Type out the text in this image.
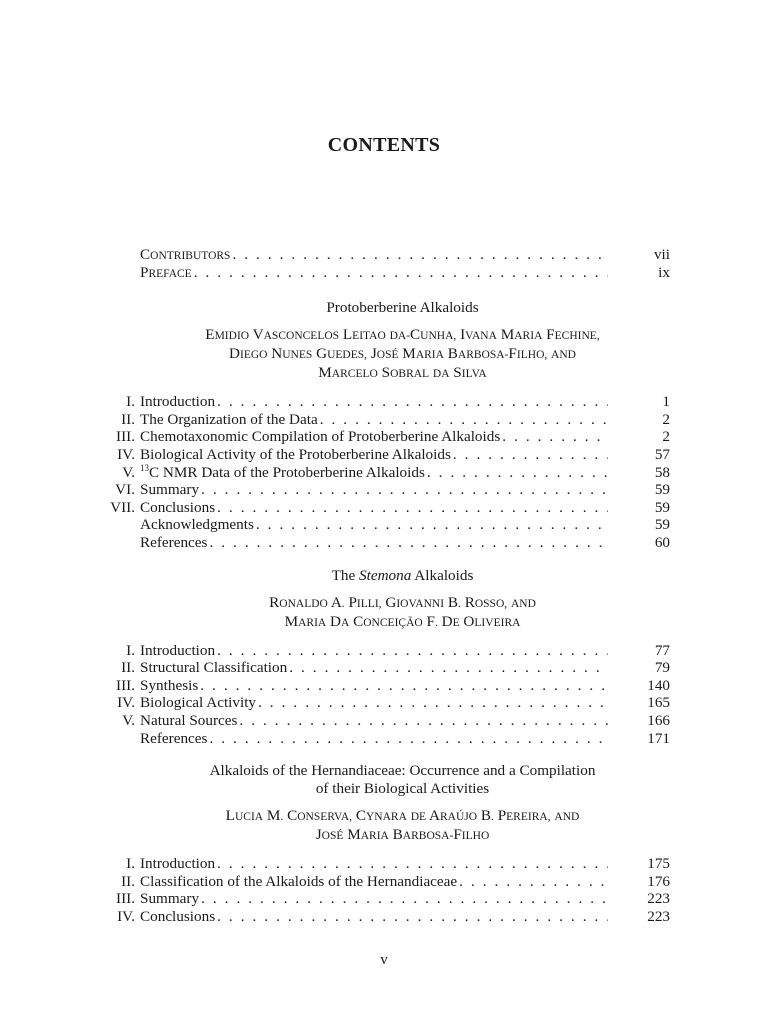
CONTENTS
CONTRIBUTORS . . .	vii
PREFACE . . .	ix
Protoberberine Alkaloids
EMIDIO VASCONCELOS LEITAO DA-CUNHA, IVANA MARIA FECHINE,
DIEGO NUNES GUEDES, JOSÉ MARIA BARBOSA-FILHO, AND
MARCELO SOBRAL DA SILVA
I. Introduction . . .	1
II. The Organization of the Data . . .	2
III. Chemotaxonomic Compilation of Protoberberine Alkaloids . . .	2
IV. Biological Activity of the Protoberberine Alkaloids . . .	57
V. $^{13}$C NMR Data of the Protoberberine Alkaloids . . .	58
VI. Summary . . .	59
VII. Conclusions . . .	59
Acknowledgments . . .	59
References . . .	60
The Stemona Alkaloids
RONALDO A. PILLI, GIOVANNI B. ROSSO, AND
MARIA DA CONCEIÇÃO F. DE OLIVEIRA
I. Introduction . . .	77
II. Structural Classification . . .	79
III. Synthesis . . .	140
IV. Biological Activity . . .	165
V. Natural Sources . . .	166
References . . .	171
Alkaloids of the Hernandiaceae: Occurrence and a Compilation
of their Biological Activities
LUCIA M. CONSERVA, CYNARA DE ARAÚJO B. PEREIRA, AND
JOSÉ MARIA BARBOSA-FILHO
I. Introduction . . .	175
II. Classification of the Alkaloids of the Hernandiaceae . . .	176
III. Summary . . .	223
IV. Conclusions . . .	223
v
